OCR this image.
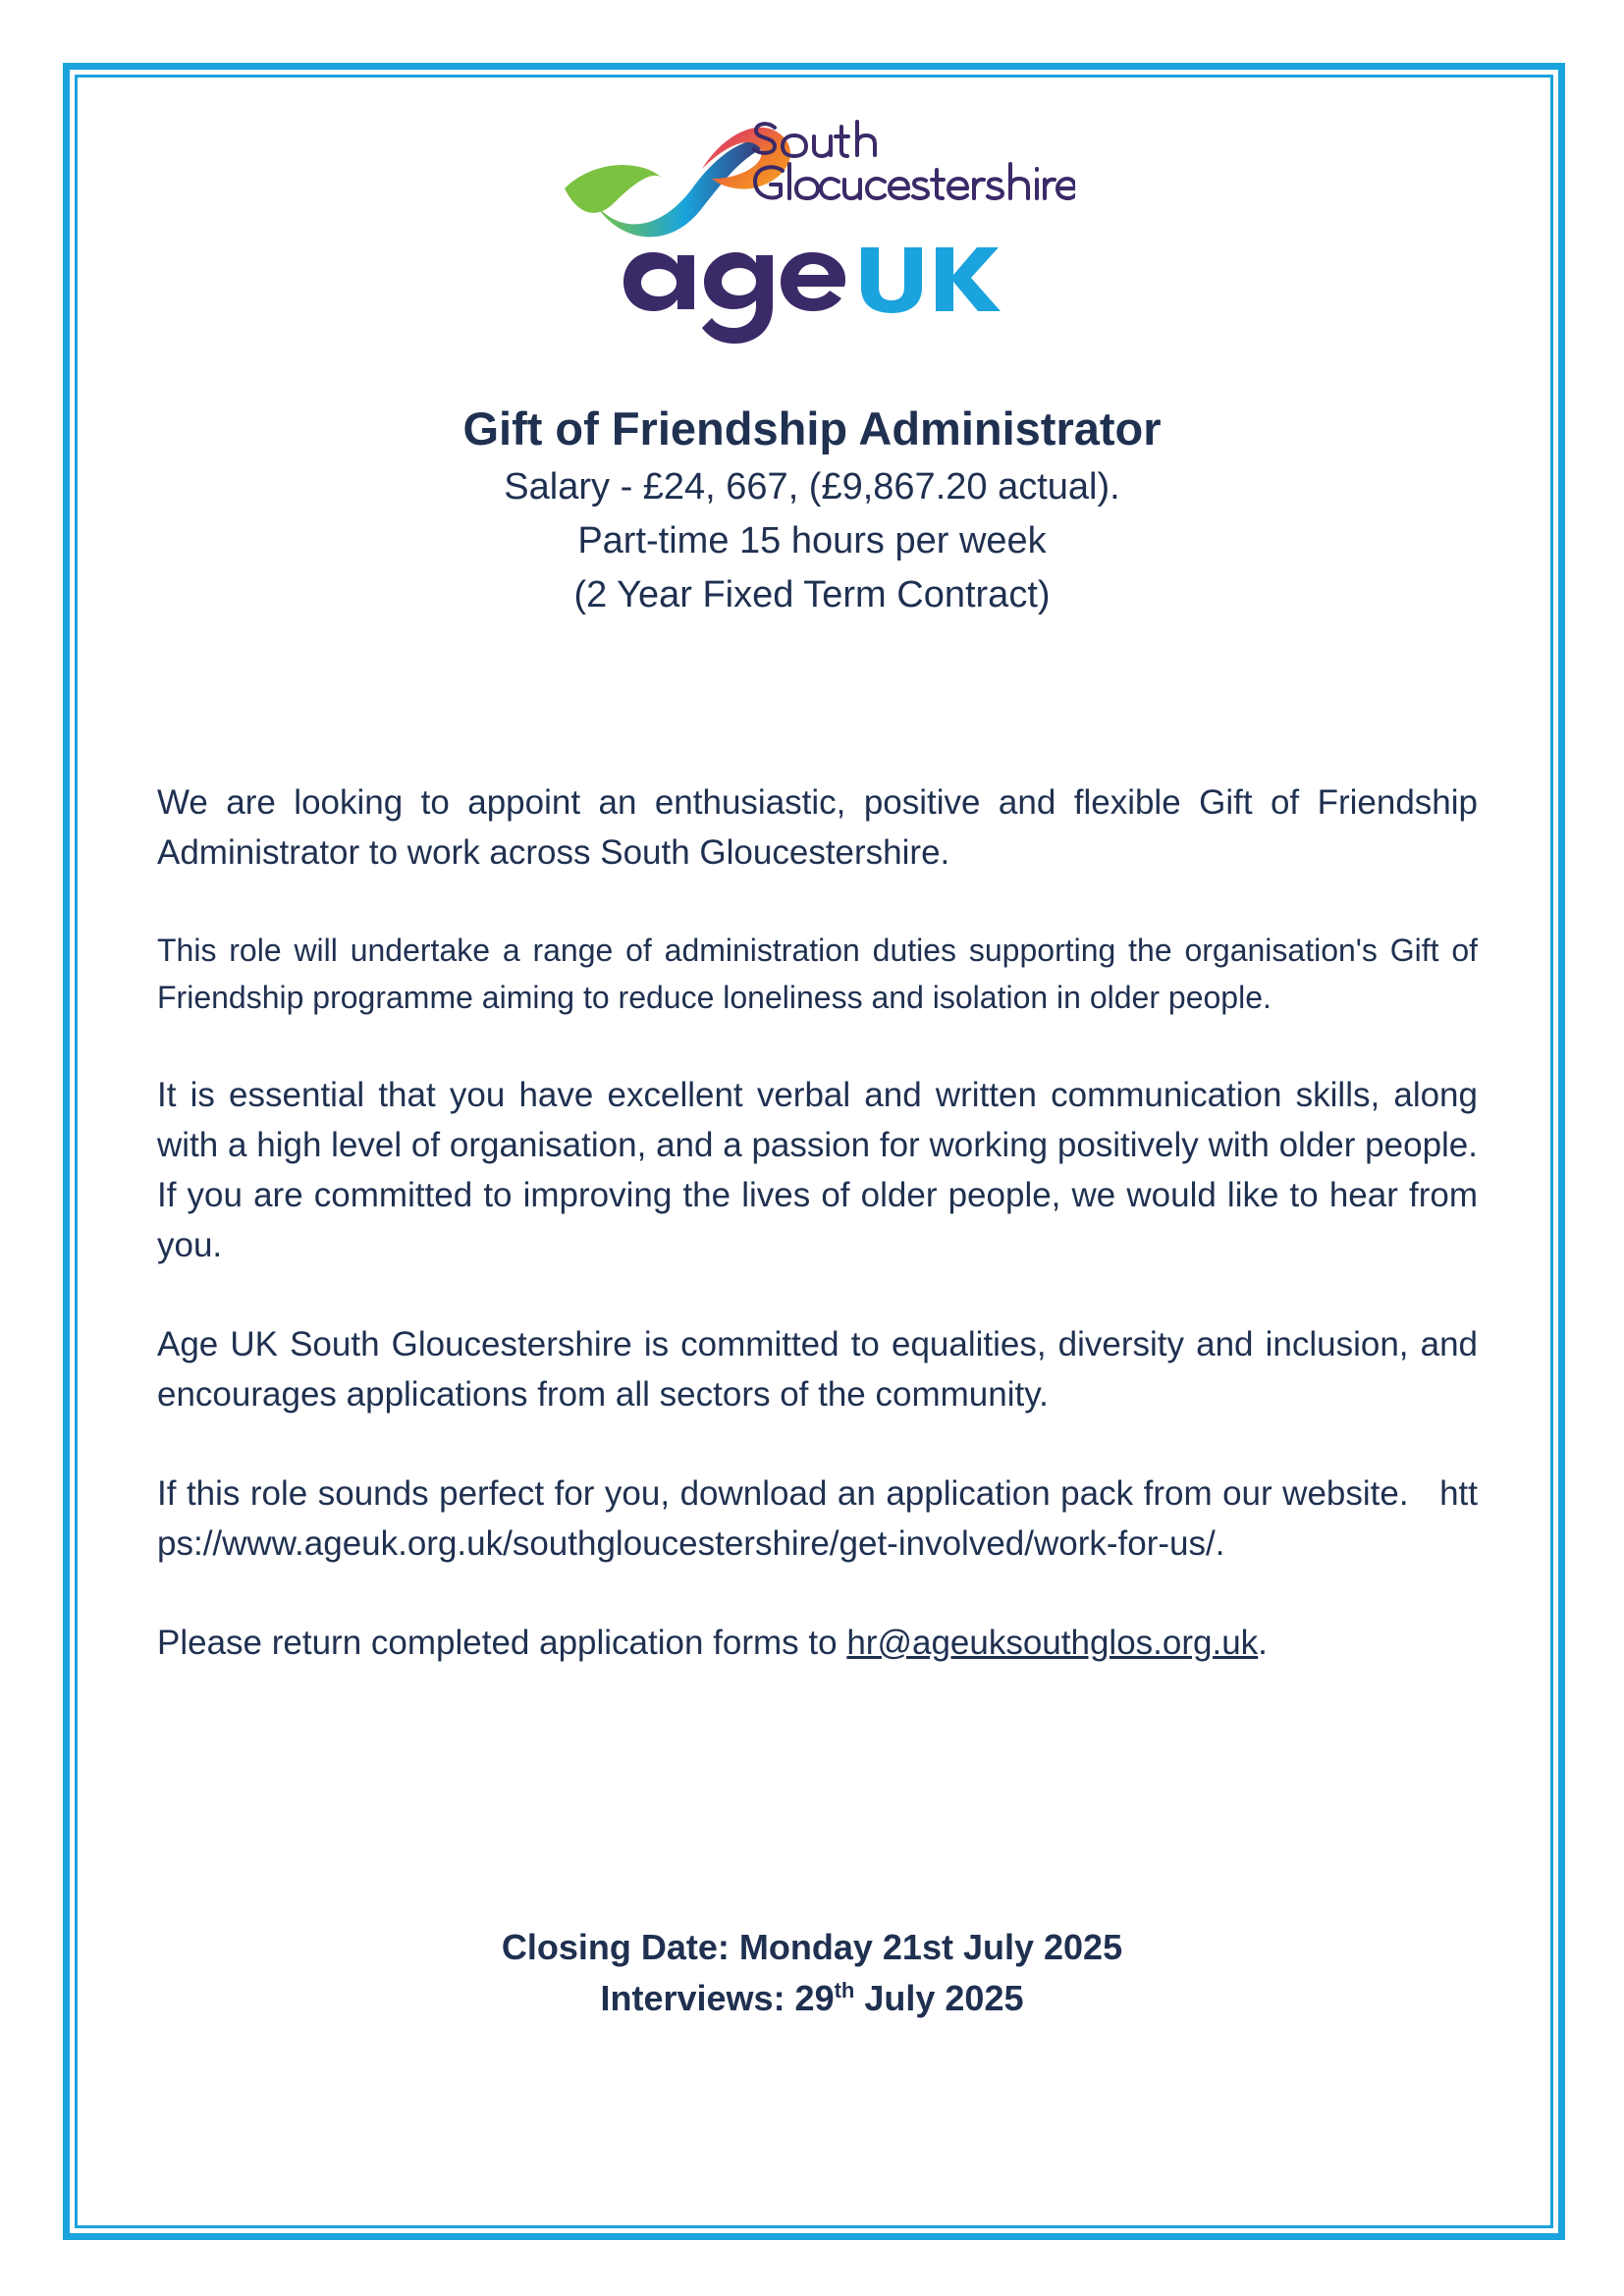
Gift of Friendship Administrator
Salary - £24, 667, (£9,867.20 actual).
Part-time 15 hours per week
(2 Year Fixed Term Contract)

We are looking to appoint an enthusiastic, positive and flexible Gift of Friendship Administrator to work across South Gloucestershire.

This role will undertake a range of administration duties supporting the organisation's Gift of Friendship programme aiming to reduce loneliness and isolation in older people.

It is essential that you have excellent verbal and written communication skills, along with a high level of organisation, and a passion for working positively with older people. If you are committed to improving the lives of older people, we would like to hear from you.

Age UK South Gloucestershire is committed to equalities, diversity and inclusion, and encourages applications from all sectors of the community.

If this role sounds perfect for you, download an application pack from our website. https://www.ageuk.org.uk/southgloucestershire/get-involved/work-for-us/.

Please return completed application forms to hr@ageuksouthglos.org.uk.

Closing Date: Monday 21st July 2025
Interviews: 29th July 2025
